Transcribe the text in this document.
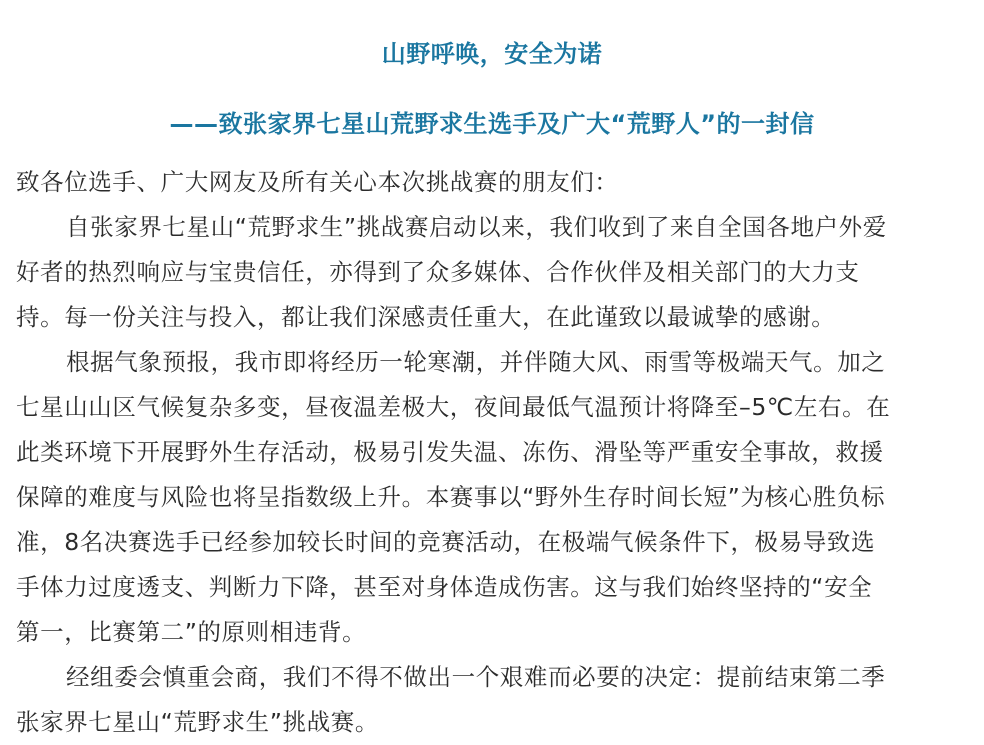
山野呼唤，安全为诺
——致张家界七星山荒野求生选手及广大“荒野人”的一封信
致各位选手、广大网友及所有关心本次挑战赛的朋友们：
自张家界七星山“荒野求生”挑战赛启动以来，我们收到了来自全国各地户外爱
好者的热烈响应与宝贵信任，亦得到了众多媒体、合作伙伴及相关部门的大力支
持。每一份关注与投入，都让我们深感责任重大，在此谨致以最诚挚的感谢。
根据气象预报，我市即将经历一轮寒潮，并伴随大风、雨雪等极端天气。加之
七星山山区气候复杂多变，昼夜温差极大，夜间最低气温预计将降至–5℃左右。在
此类环境下开展野外生存活动，极易引发失温、冻伤、滑坠等严重安全事故，救援
保障的难度与风险也将呈指数级上升。本赛事以“野外生存时间长短”为核心胜负标
准，8名决赛选手已经参加较长时间的竞赛活动，在极端气候条件下，极易导致选
手体力过度透支、判断力下降，甚至对身体造成伤害。这与我们始终坚持的“安全
第一，比赛第二”的原则相违背。
经组委会慎重会商，我们不得不做出一个艰难而必要的决定：提前结束第二季
张家界七星山“荒野求生”挑战赛。
